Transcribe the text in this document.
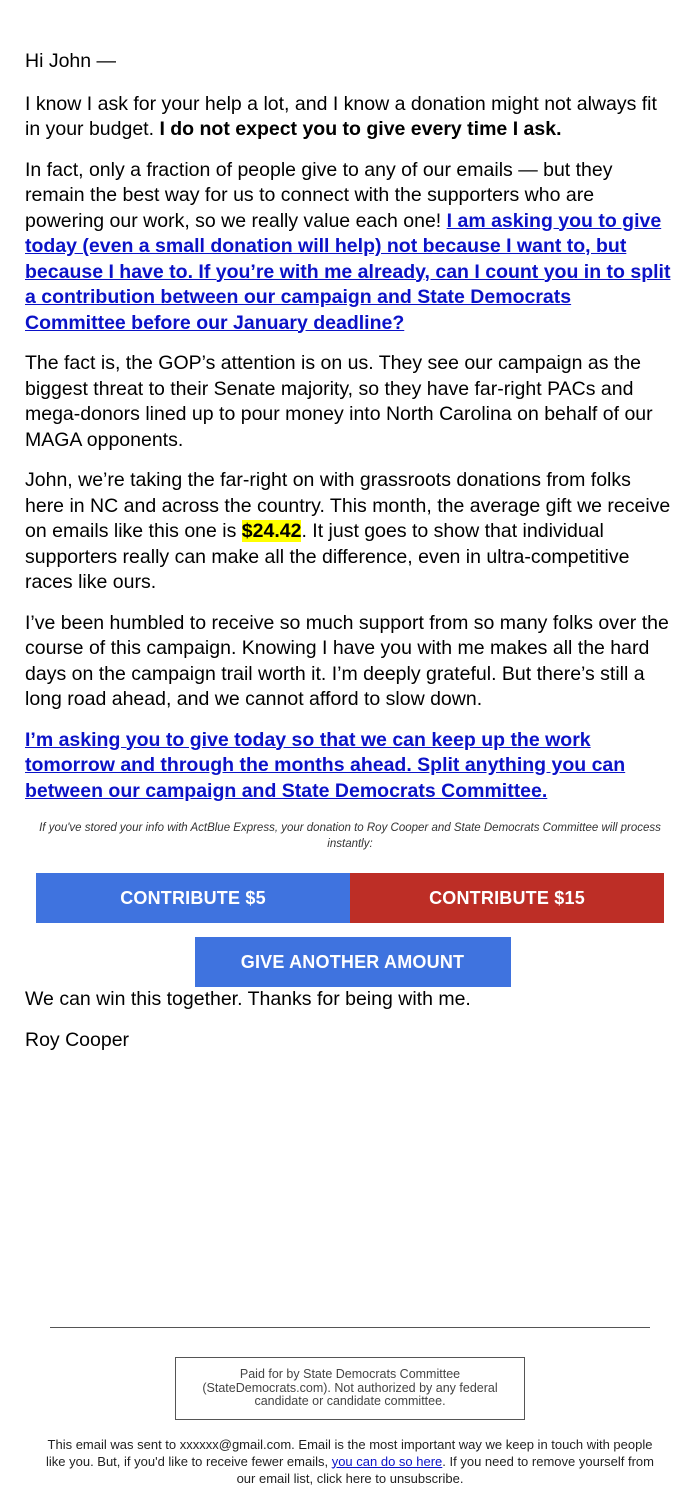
Hi John —

I know I ask for your help a lot, and I know a donation might not always fit in your budget. I do not expect you to give every time I ask.

In fact, only a fraction of people give to any of our emails — but they remain the best way for us to connect with the supporters who are powering our work, so we really value each one! I am asking you to give today (even a small donation will help) not because I want to, but because I have to. If you’re with me already, can I count you in to split a contribution between our campaign and State Democrats Committee before our January deadline?

The fact is, the GOP’s attention is on us. They see our campaign as the biggest threat to their Senate majority, so they have far-right PACs and mega-donors lined up to pour money into North Carolina on behalf of our MAGA opponents.

John, we’re taking the far-right on with grassroots donations from folks here in NC and across the country. This month, the average gift we receive on emails like this one is $24.42. It just goes to show that individual supporters really can make all the difference, even in ultra-competitive races like ours.

I’ve been humbled to receive so much support from so many folks over the course of this campaign. Knowing I have you with me makes all the hard days on the campaign trail worth it. I’m deeply grateful. But there’s still a long road ahead, and we cannot afford to slow down.

I’m asking you to give today so that we can keep up the work tomorrow and through the months ahead. Split anything you can between our campaign and State Democrats Committee.

If you've stored your info with ActBlue Express, your donation to Roy Cooper and State Democrats Committee will process instantly:

CONTRIBUTE $5	CONTRIBUTE $15
GIVE ANOTHER AMOUNT

We can win this together. Thanks for being with me.

Roy Cooper

Paid for by State Democrats Committee (StateDemocrats.com). Not authorized by any federal candidate or candidate committee.

This email was sent to xxxxxx@gmail.com. Email is the most important way we keep in touch with people like you. But, if you'd like to receive fewer emails, you can do so here. If you need to remove yourself from our email list, click here to unsubscribe.
